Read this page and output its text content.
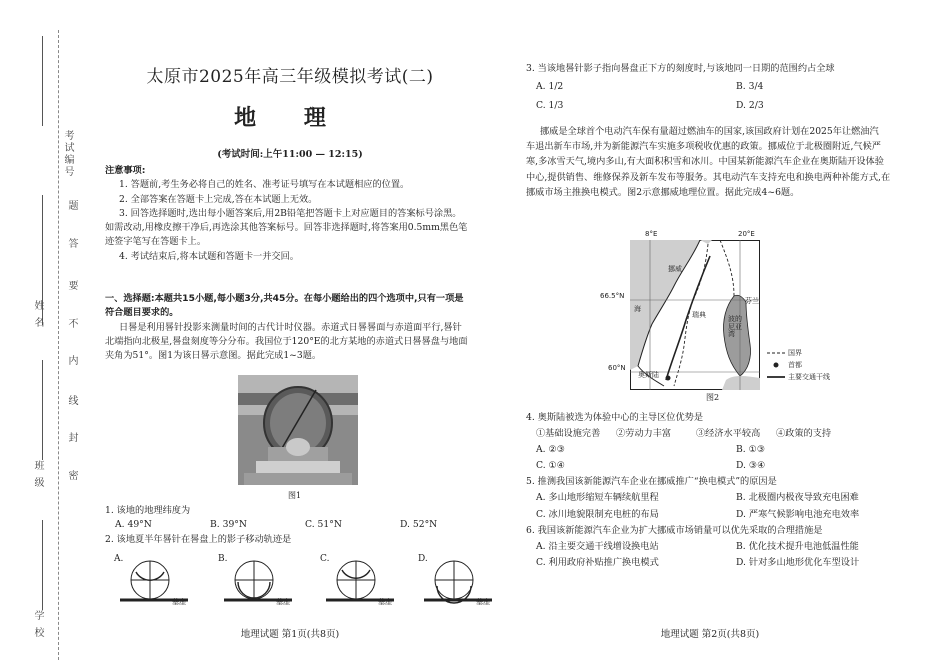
考试编号
姓 名
班 级
学 校
题
答
要
不
内
线
封
密
太原市2025年高三年级模拟考试(二)
地 理
(考试时间:上午11:00 — 12:15)
注意事项:
1. 答题前,考生务必将自己的姓名、准考证号填写在本试题相应的位置。
2. 全部答案在答题卡上完成,答在本试题上无效。
3. 回答选择题时,选出每小题答案后,用2B铅笔把答题卡上对应题目的答案标号涂黑。
如需改动,用橡皮擦干净后,再选涂其他答案标号。回答非选择题时,将答案用0.5mm黑色笔
迹签字笔写在答题卡上。
4. 考试结束后,将本试题和答题卡一并交回。
一、选择题:本题共15小题,每小题3分,共45分。在每小题给出的四个选项中,只有一项是
符合题目要求的。
日晷是利用晷针投影来测量时间的古代计时仪器。赤道式日晷晷面与赤道面平行,晷针
北端指向北极星,晷盘刻度等分分布。我国位于120°E的北方某地的赤道式日晷晷盘与地面
夹角为51°。图1为该日晷示意图。据此完成1~3题。
图1
1. 该地的地理纬度为
A. 49°N	B. 39°N	C. 51°N	D. 52°N
2. 该地夏半年晷针在晷盘上的影子移动轨迹是
A.	B.	C.	D.
基座	基座	基座	基座
地理试题 第1页(共8页)
3. 当该地晷针影子指向晷盘正下方的刻度时,与该地同一日期的范围约占全球
A. 1/2	B. 3/4
C. 1/3	D. 2/3
挪威是全球首个电动汽车保有量超过燃油车的国家,该国政府计划在2025年让燃油汽
车退出新车市场,并为新能源汽车实施多项税收优惠的政策。挪威位于北极圈附近,气候严
寒,多冰雪天气,境内多山,有大面积积雪和冰川。中国某新能源汽车企业在奥斯陆开设体验
中心,提供销售、维修保养及新车发布等服务。其电动汽车支持充电和换电两种补能方式,在
挪威市场主推换电模式。图2示意挪威地理位置。据此完成4~6题。
8°E	20°E
66.5°N
60°N
挪威
海
瑞典
芬兰
波的尼亚湾
奥斯陆
国界
首都
主要交通干线
图2
4. 奥斯陆被选为体验中心的主导区位优势是
①基础设施完善	②劳动力丰富	③经济水平较高	④政策的支持
A. ②③	B. ①③
C. ①④	D. ③④
5. 推测我国该新能源汽车企业在挪威推广“换电模式”的原因是
A. 多山地形缩短车辆续航里程	B. 北极圈内极夜导致充电困难
C. 冰川地貌限制充电桩的布局	D. 严寒气候影响电池充电效率
6. 我国该新能源汽车企业为扩大挪威市场销量可以优先采取的合理措施是
A. 沿主要交通干线增设换电站	B. 优化技术提升电池低温性能
C. 利用政府补贴推广换电模式	D. 针对多山地形优化车型设计
地理试题 第2页(共8页)
